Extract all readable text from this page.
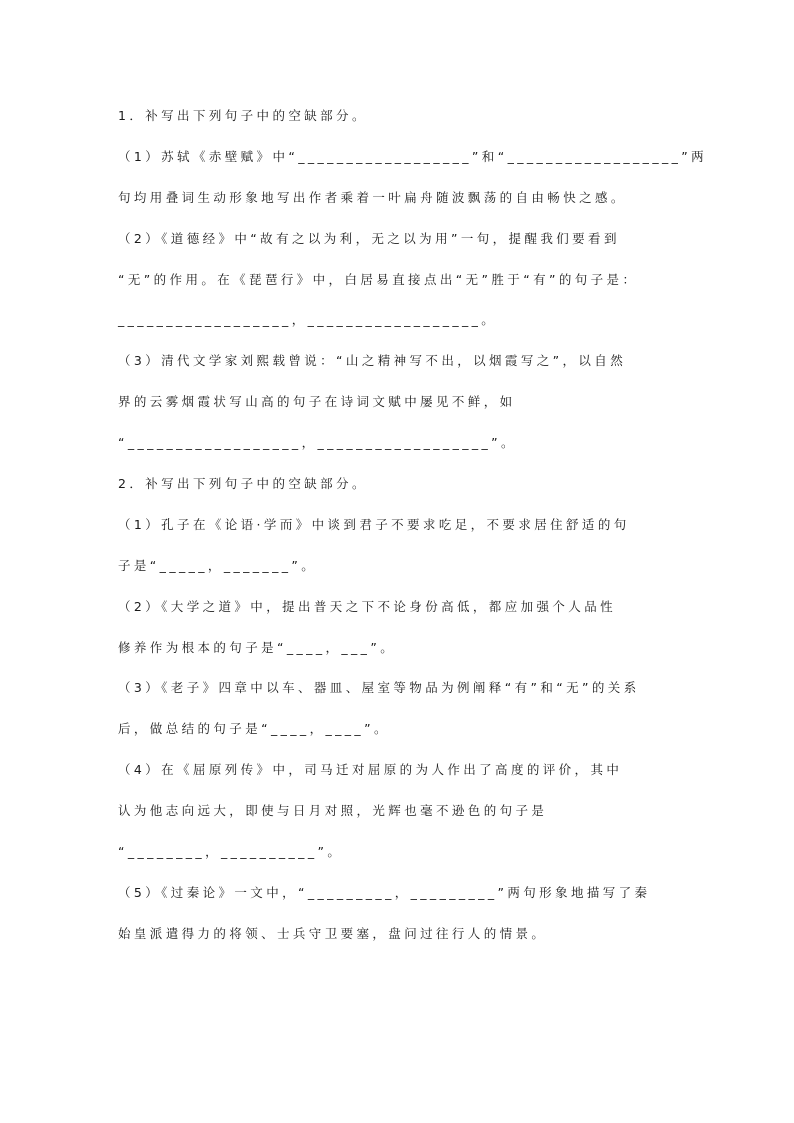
1．补写出下列句子中的空缺部分。
（1）苏轼《赤壁赋》中“__________________”和“__________________”两
句均用叠词生动形象地写出作者乘着一叶扁舟随波飘荡的自由畅快之感。
（2）《道德经》中“故有之以为利，无之以为用”一句，提醒我们要看到
“无”的作用。在《琵琶行》中，白居易直接点出“无”胜于“有”的句子是：
__________________，__________________。
（3）清代文学家刘熙载曾说：“山之精神写不出，以烟霞写之”，以自然
界的云雾烟霞状写山高的句子在诗词文赋中屡见不鲜，如
“__________________，__________________”。
2．补写出下列句子中的空缺部分。
（1）孔子在《论语·学而》中谈到君子不要求吃足，不要求居住舒适的句
子是“_____，_______”。
（2）《大学之道》中，提出普天之下不论身份高低，都应加强个人品性
修养作为根本的句子是“____，___”。
（3）《老子》四章中以车、器皿、屋室等物品为例阐释“有”和“无”的关系
后，做总结的句子是“____，____”。
（4）在《屈原列传》中，司马迁对屈原的为人作出了高度的评价，其中
认为他志向远大，即使与日月对照，光辉也毫不逊色的句子是
“________，__________”。
（5）《过秦论》一文中，“_________，_________”两句形象地描写了秦
始皇派遣得力的将领、士兵守卫要塞，盘问过往行人的情景。
